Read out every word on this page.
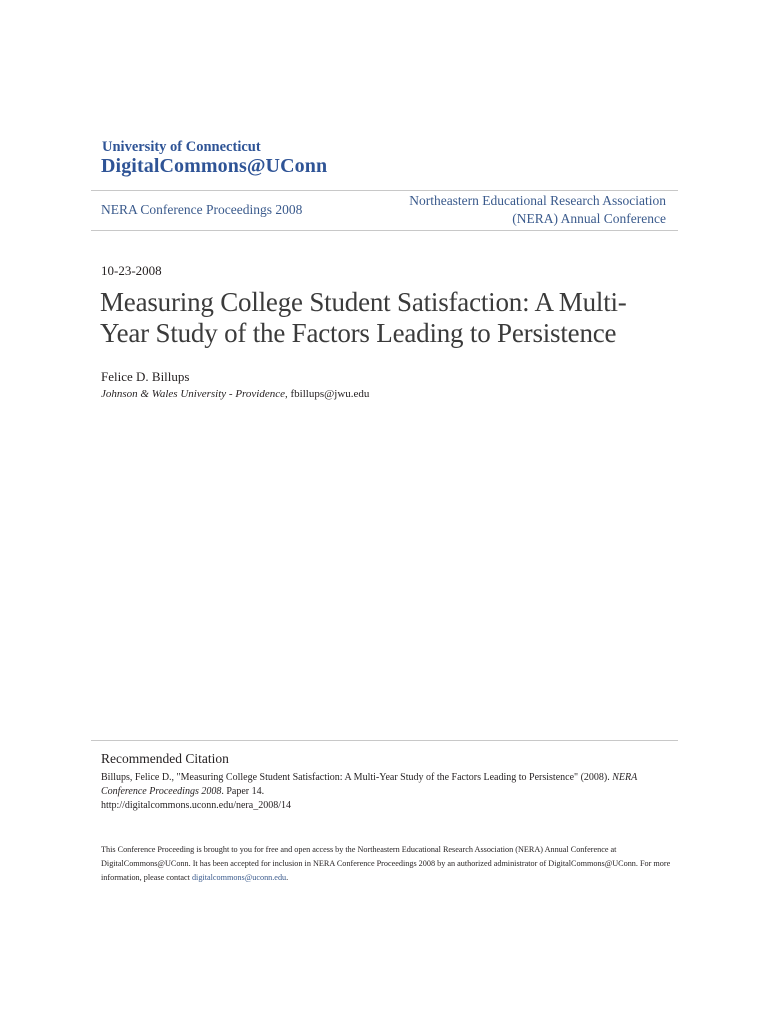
University of Connecticut
DigitalCommons@UConn
NERA Conference Proceedings 2008
Northeastern Educational Research Association
(NERA) Annual Conference
10-23-2008
Measuring College Student Satisfaction: A Multi-
Year Study of the Factors Leading to Persistence
Felice D. Billups
Johnson & Wales University - Providence, fbillups@jwu.edu
Recommended Citation
Billups, Felice D., "Measuring College Student Satisfaction: A Multi-Year Study of the Factors Leading to Persistence" (2008). NERA Conference Proceedings 2008. Paper 14.
http://digitalcommons.uconn.edu/nera_2008/14
This Conference Proceeding is brought to you for free and open access by the Northeastern Educational Research Association (NERA) Annual Conference at DigitalCommons@UConn. It has been accepted for inclusion in NERA Conference Proceedings 2008 by an authorized administrator of DigitalCommons@UConn. For more information, please contact digitalcommons@uconn.edu.
